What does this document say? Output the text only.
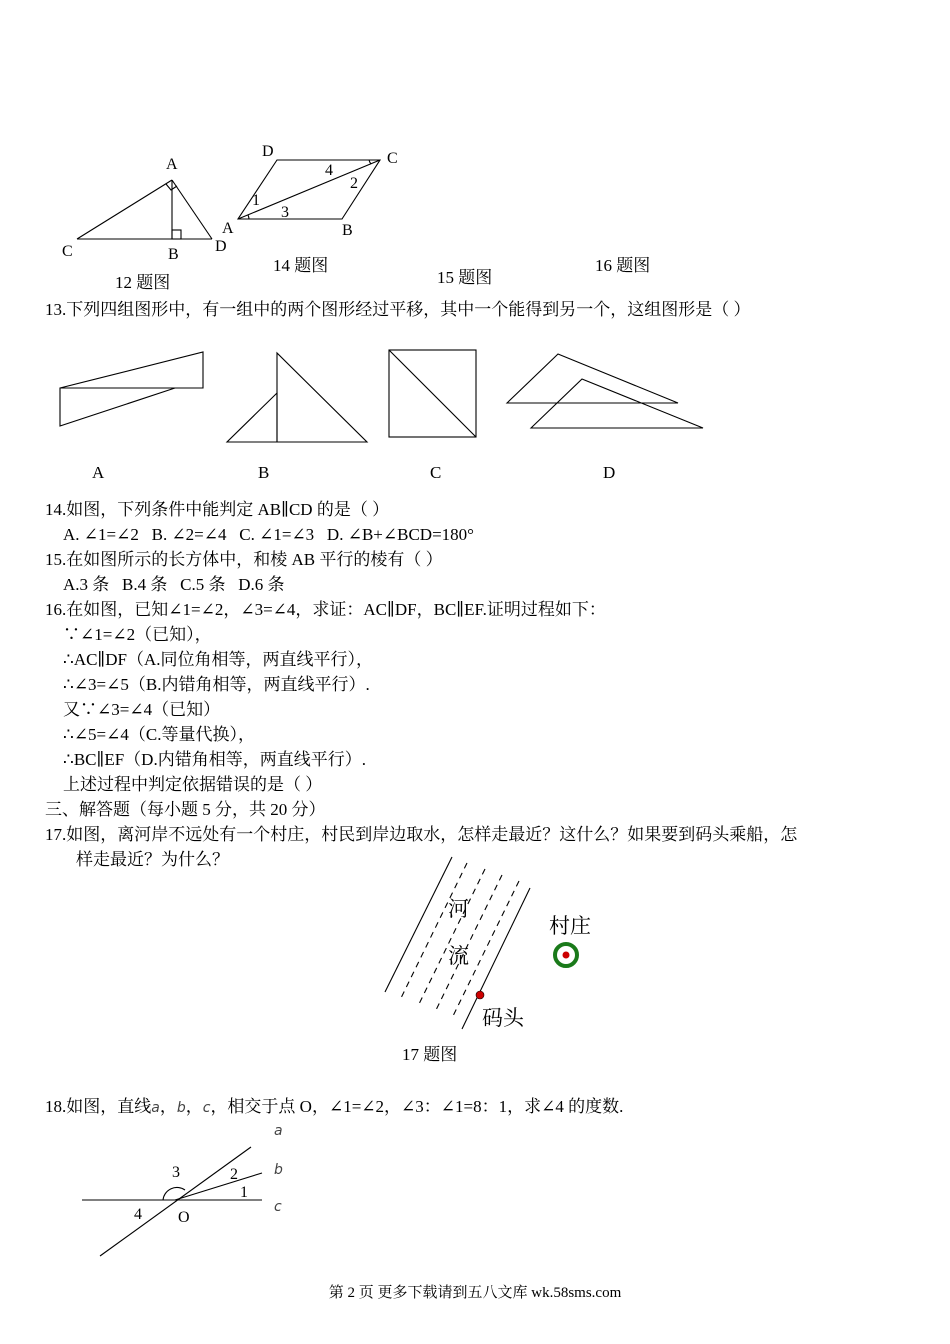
A
B
C	D
12 题图
D	C
A	B
1
2
3
4
14 题图
15 题图
16 题图
13.下列四组图形中，有一组中的两个图形经过平移，其中一个能得到另一个，这组图形是（ ）
A	B	C	D
14.如图，下列条件中能判定 AB∥CD 的是（ ）
A. ∠1=∠2   B. ∠2=∠4   C. ∠1=∠3   D. ∠B+∠BCD=180°
15.在如图所示的长方体中，和棱 AB 平行的棱有（ ）
A.3 条   B.4 条   C.5 条   D.6 条
16.在如图，已知∠1=∠2，∠3=∠4，求证：AC∥DF，BC∥EF.证明过程如下：
∵∠1=∠2（已知），
∴AC∥DF（A.同位角相等，两直线平行），
∴∠3=∠5（B.内错角相等，两直线平行）.
又∵∠3=∠4（已知）
∴∠5=∠4（C.等量代换），
∴BC∥EF（D.内错角相等，两直线平行）.
上述过程中判定依据错误的是（ ）
三、解答题（每小题 5 分，共 20 分）
17.如图，离河岸不远处有一个村庄，村民到岸边取水，怎样走最近？这什么？如果要到码头乘船，怎
样走最近？为什么？
河
流
村庄
码头
17 题图
18.如图，直线a，b，c，相交于点 O，∠1=∠2，∠3：∠1=8：1，求∠4 的度数.
3	2
1
4 O
a
b
c
第 2 页 更多下载请到五八文库 wk.58sms.com
